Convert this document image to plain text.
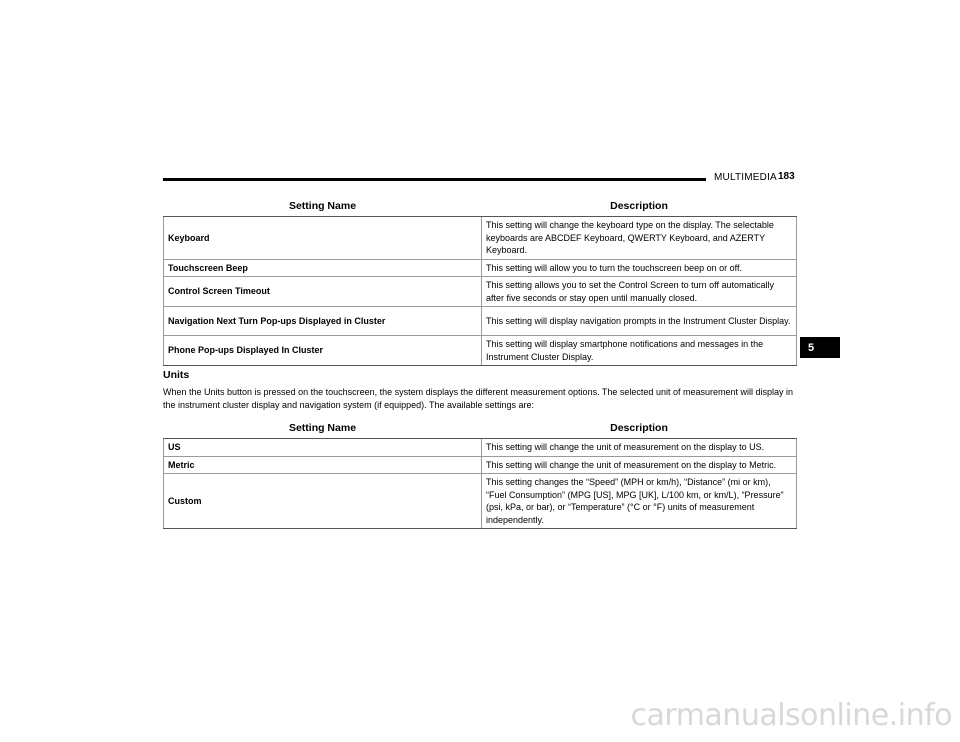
MULTIMEDIA 183
Setting Name	Description
Keyboard	This setting will change the keyboard type on the display. The selectable keyboards are ABCDEF Keyboard, QWERTY Keyboard, and AZERTY Keyboard.
Touchscreen Beep	This setting will allow you to turn the touchscreen beep on or off.
Control Screen Timeout	This setting allows you to set the Control Screen to turn off automatically after five seconds or stay open until manually closed.
Navigation Next Turn Pop-ups Displayed in Cluster	This setting will display navigation prompts in the Instrument Cluster Display.
Phone Pop-ups Displayed In Cluster	This setting will display smartphone notifications and messages in the Instrument Cluster Display.
Units
When the Units button is pressed on the touchscreen, the system displays the different measurement options. The selected unit of measurement will display in the instrument cluster display and navigation system (if equipped). The available settings are:
Setting Name	Description
US	This setting will change the unit of measurement on the display to US.
Metric	This setting will change the unit of measurement on the display to Metric.
Custom	This setting changes the “Speed” (MPH or km/h), “Distance” (mi or km), “Fuel Consumption” (MPG [US], MPG [UK], L/100 km, or km/L), “Pressure” (psi, kPa, or bar), or “Temperature” (°C or °F) units of measurement independently.
5
carmanualsonline.info
